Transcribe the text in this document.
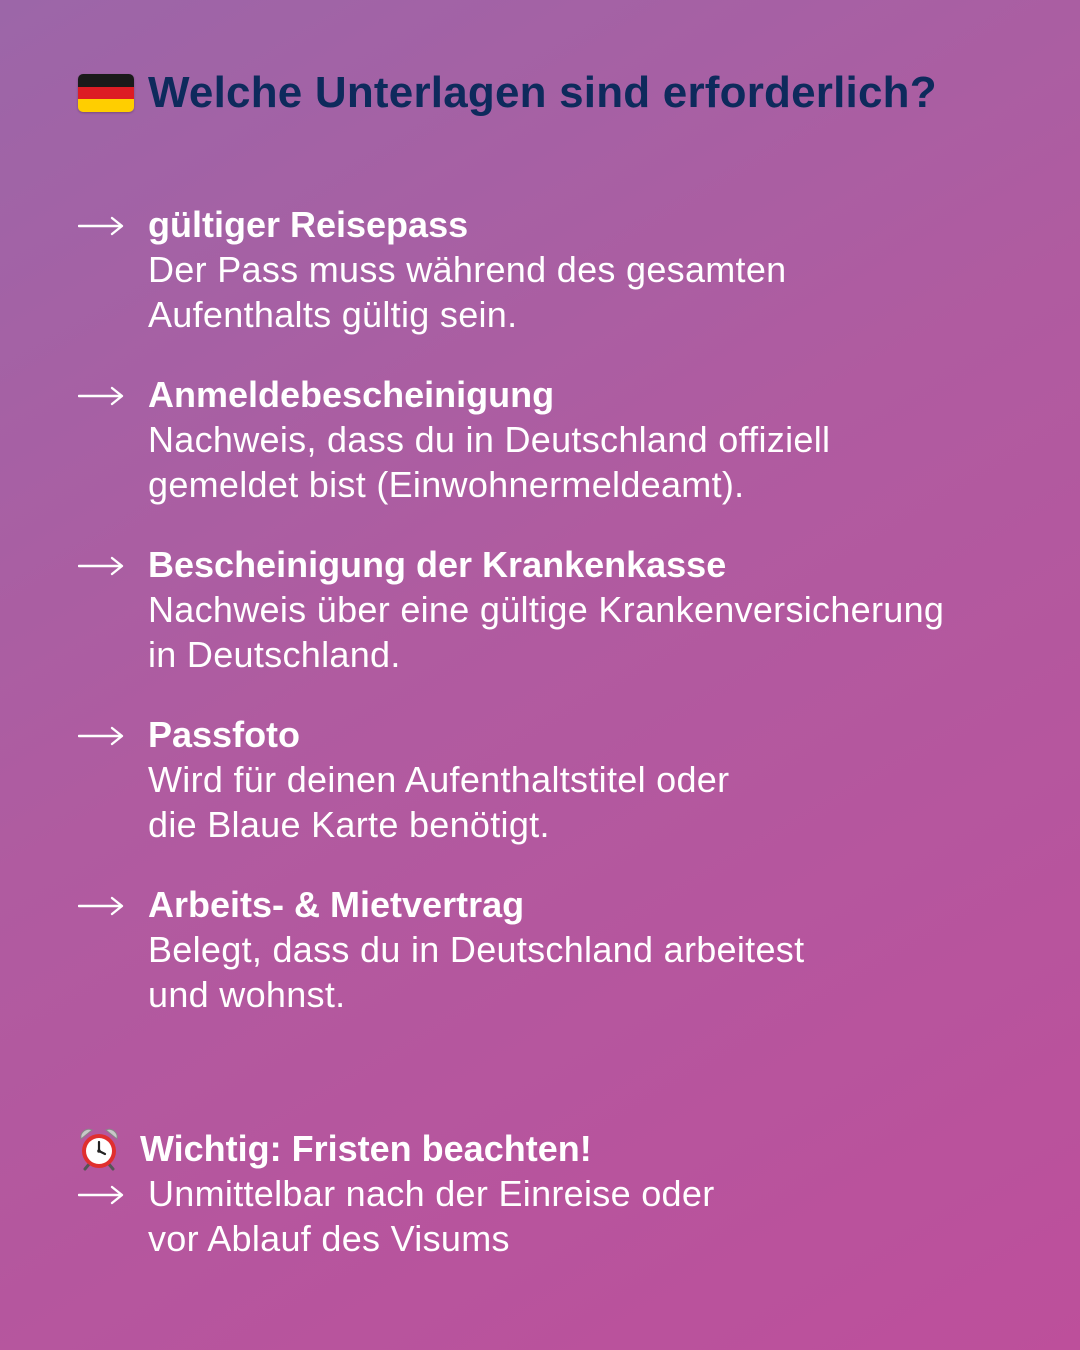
Welche Unterlagen sind erforderlich?
gültiger Reisepass
Der Pass muss während des gesamten
Aufenthalts gültig sein.
Anmeldebescheinigung
Nachweis, dass du in Deutschland offiziell
gemeldet bist (Einwohnermeldeamt).
Bescheinigung der Krankenkasse
Nachweis über eine gültige Krankenversicherung
in Deutschland.
Passfoto
Wird für deinen Aufenthaltstitel oder
die Blaue Karte benötigt.
Arbeits- & Mietvertrag
Belegt, dass du in Deutschland arbeitest
und wohnst.
Wichtig: Fristen beachten!
Unmittelbar nach der Einreise oder
vor Ablauf des Visums
